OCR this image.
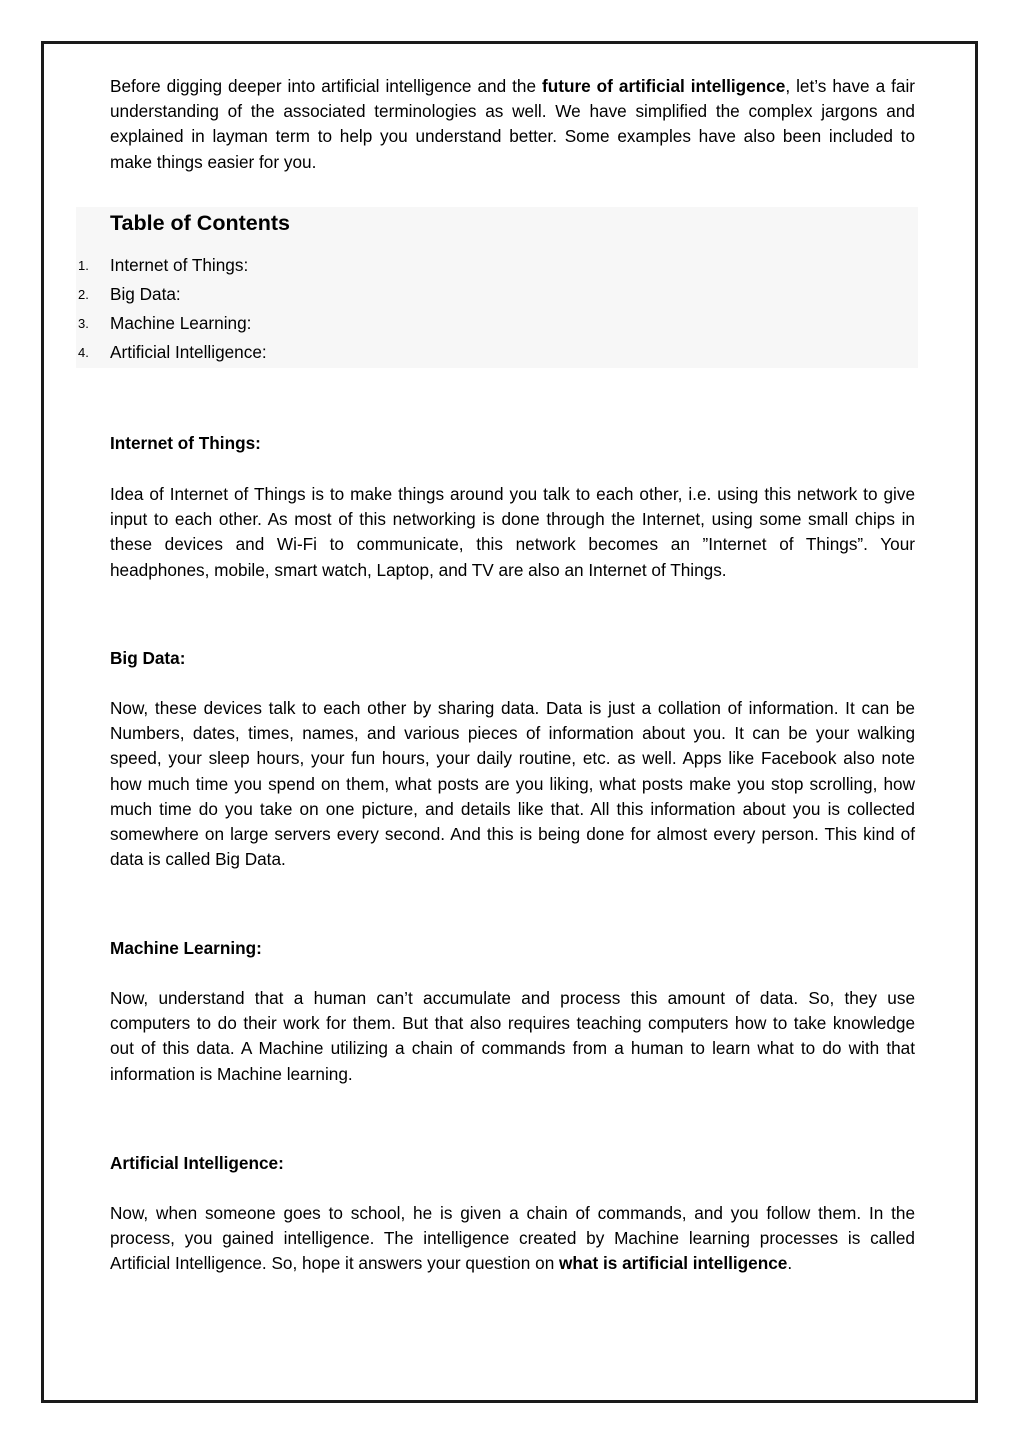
Before digging deeper into artificial intelligence and the future of artificial intelligence, let’s have a fair understanding of the associated terminologies as well. We have simplified the complex jargons and explained in layman term to help you understand better. Some examples have also been included to make things easier for you.

1. Internet of Things:
2. Big Data:
3. Machine Learning:
4. Artificial Intelligence:
Table of Contents
Internet of Things:

Idea of Internet of Things is to make things around you talk to each other, i.e. using this network to give input to each other. As most of this networking is done through the Internet, using some small chips in these devices and Wi-Fi to communicate, this network becomes an ”Internet of Things”. Your headphones, mobile, smart watch, Laptop, and TV are also an Internet of Things.

Big Data:

Now, these devices talk to each other by sharing data. Data is just a collation of information. It can be Numbers, dates, times, names, and various pieces of information about you. It can be your walking speed, your sleep hours, your fun hours, your daily routine, etc. as well. Apps like Facebook also note how much time you spend on them, what posts are you liking, what posts make you stop scrolling, how much time do you take on one picture, and details like that. All this information about you is collected somewhere on large servers every second. And this is being done for almost every person. This kind of data is called Big Data.

Machine Learning:

Now, understand that a human can’t accumulate and process this amount of data. So, they use computers to do their work for them. But that also requires teaching computers how to take knowledge out of this data. A Machine utilizing a chain of commands from a human to learn what to do with that information is Machine learning.

Artificial Intelligence:

Now, when someone goes to school, he is given a chain of commands, and you follow them. In the process, you gained intelligence. The intelligence created by Machine learning processes is called Artificial Intelligence. So, hope it answers your question on what is artificial intelligence.
